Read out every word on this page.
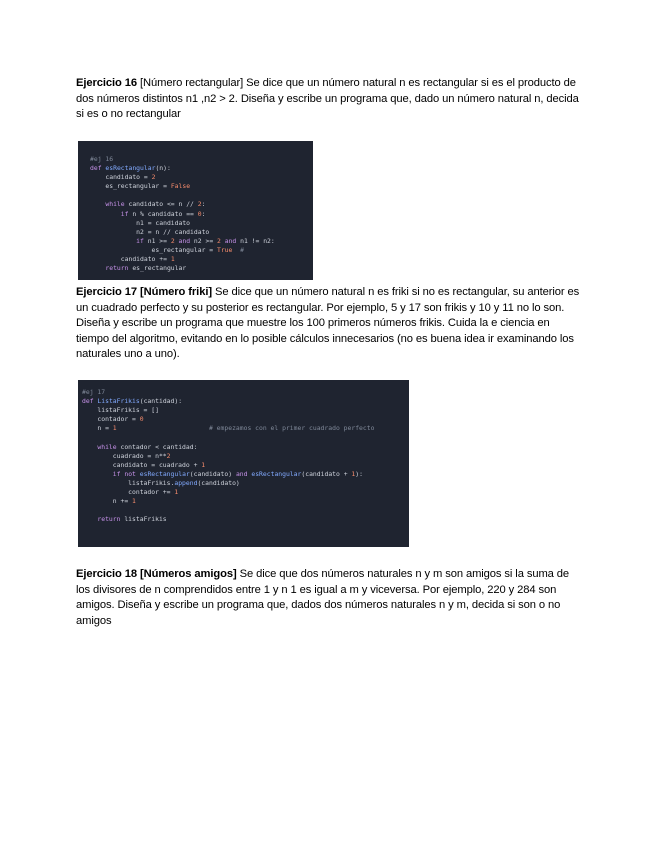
Ejercicio 16 [Número rectangular] Se dice que un número natural n es rectangular si es el producto de dos números distintos n1 ,n2 > 2. Diseña y escribe un programa que, dado un número natural n, decida si es o no rectangular
#ej 16
def esRectangular(n):
candidato = 2
es_rectangular = False

while candidato <= n // 2:
if n % candidato == 0:
n1 = candidato
n2 = n // candidato
if n1 >= 2 and n2 >= 2 and n1 != n2:
es_rectangular = True #
candidato += 1
return es_rectangular
Ejercicio 17 [Número friki] Se dice que un número natural n es friki si no es rectangular, su anterior es un cuadrado perfecto y su posterior es rectangular. Por ejemplo, 5 y 17 son frikis y 10 y 11 no lo son. Diseña y escribe un programa que muestre los 100 primeros números frikis. Cuida la e ciencia en tiempo del algoritmo, evitando en lo posible cálculos innecesarios (no es buena idea ir examinando los naturales uno a uno).
#ej 17
def ListaFrikis(cantidad):
listaFrikis = []
contador = 0
n = 1	# empezamos con el primer cuadrado perfecto

while contador < cantidad:
cuadrado = n**2
candidato = cuadrado + 1
if not esRectangular(candidato) and esRectangular(candidato + 1):
listaFrikis.append(candidato)
contador += 1
n += 1

return listaFrikis
Ejercicio 18 [Números amigos] Se dice que dos números naturales n y m son amigos si la suma de los divisores de n comprendidos entre 1 y n 1 es igual a m y viceversa. Por ejemplo, 220 y 284 son amigos. Diseña y escribe un programa que, dados dos números naturales n y m, decida si son o no amigos
